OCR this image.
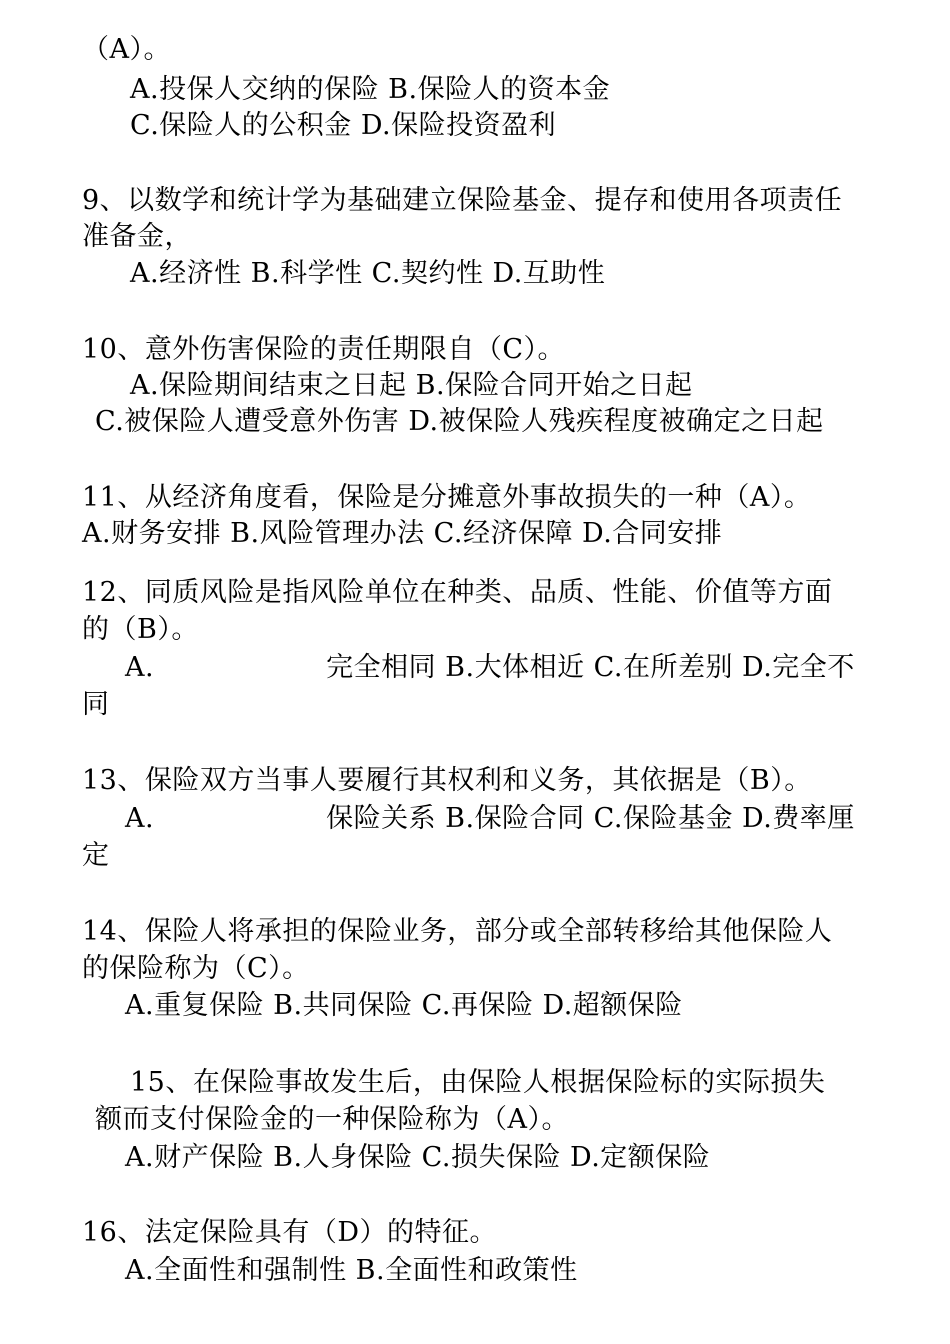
（A）。
A.投保人交纳的保险 B.保险人的资本金
C.保险人的公积金 D.保险投资盈利
9、以数学和统计学为基础建立保险基金、提存和使用各项责任
准备金，
A.经济性 B.科学性 C.契约性 D.互助性
10、意外伤害保险的责任期限自（C）。
A.保险期间结束之日起 B.保险合同开始之日起
C.被保险人遭受意外伤害 D.被保险人残疾程度被确定之日起
11、从经济角度看，保险是分摊意外事故损失的一种（A）。
A.财务安排 B.风险管理办法 C.经济保障 D.合同安排
12、同质风险是指风险单位在种类、品质、性能、价值等方面
的（B）。
A.	完全相同 B.大体相近 C.在所差别 D.完全不
同
13、保险双方当事人要履行其权利和义务，其依据是（B）。
A.	保险关系 B.保险合同 C.保险基金 D.费率厘
定
14、保险人将承担的保险业务，部分或全部转移给其他保险人
的保险称为（C）。
A.重复保险 B.共同保险 C.再保险 D.超额保险
15、在保险事故发生后，由保险人根据保险标的实际损失
额而支付保险金的一种保险称为（A）。
A.财产保险 B.人身保险 C.损失保险 D.定额保险
16、法定保险具有（D）的特征。
A.全面性和强制性 B.全面性和政策性
